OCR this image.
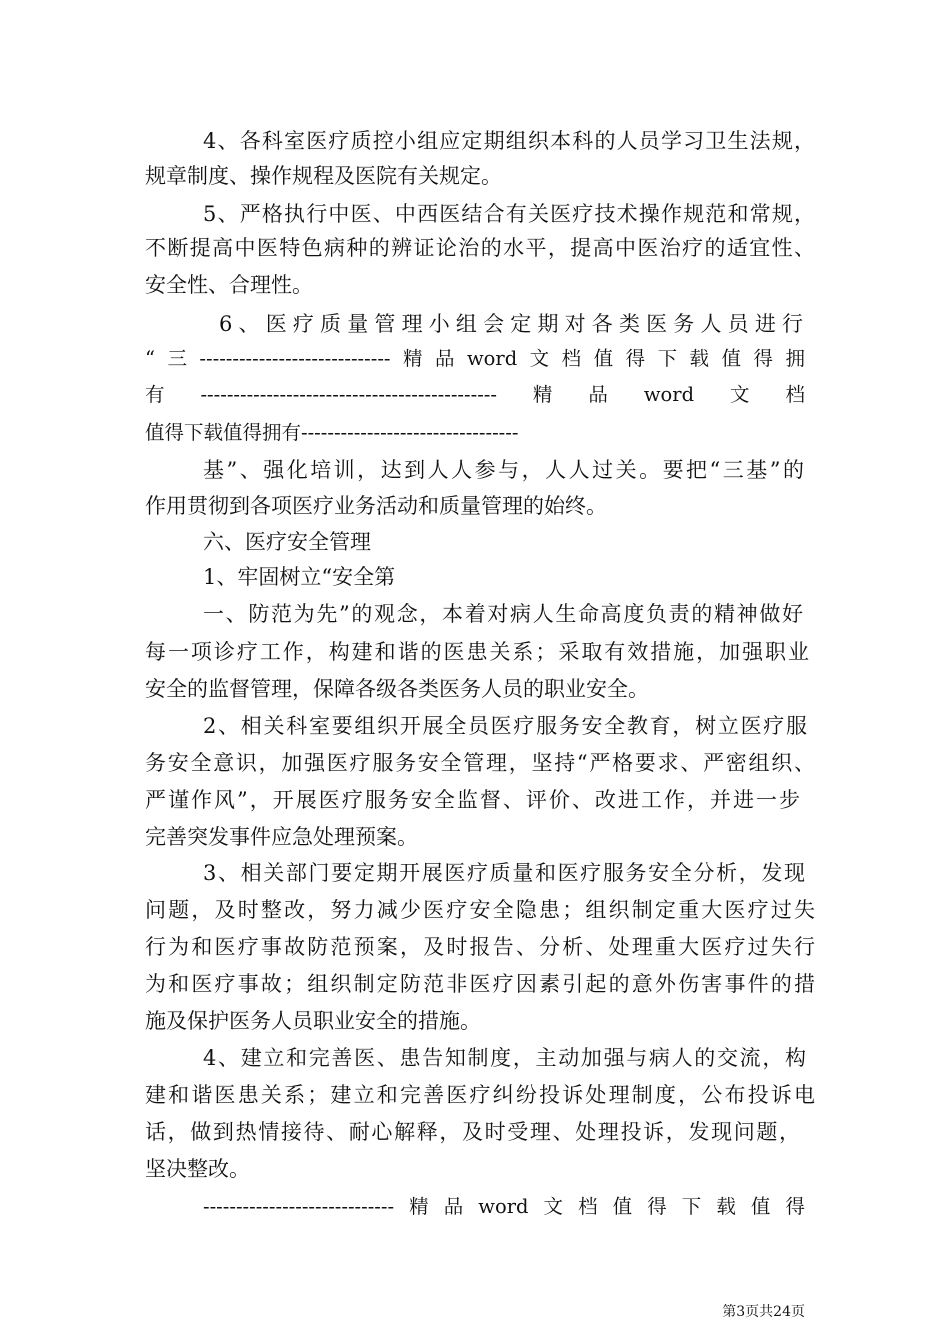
4、各科室医疗质控小组应定期组织本科的人员学习卫生法规，
规章制度、操作规程及医院有关规定。
5、严格执行中医、中西医结合有关医疗技术操作规范和常规，
不断提高中医特色病种的辨证论治的水平，提高中医治疗的适宜性、
安全性、合理性。
6、医疗质量管理小组会定期对各类医务人员进行
“三-----------------------------精品word文档值得下载值得拥
有---------------------------------------------精品word文档
值得下载值得拥有---------------------------------
基”、强化培训，达到人人参与，人人过关。要把“三基”的
作用贯彻到各项医疗业务活动和质量管理的始终。
六、医疗安全管理
1、牢固树立“安全第
一、防范为先”的观念，本着对病人生命高度负责的精神做好
每一项诊疗工作，构建和谐的医患关系；采取有效措施，加强职业
安全的监督管理，保障各级各类医务人员的职业安全。
2、相关科室要组织开展全员医疗服务安全教育，树立医疗服
务安全意识，加强医疗服务安全管理，坚持“严格要求、严密组织、
严谨作风”，开展医疗服务安全监督、评价、改进工作，并进一步
完善突发事件应急处理预案。
3、相关部门要定期开展医疗质量和医疗服务安全分析，发现
问题，及时整改，努力减少医疗安全隐患；组织制定重大医疗过失
行为和医疗事故防范预案，及时报告、分析、处理重大医疗过失行
为和医疗事故；组织制定防范非医疗因素引起的意外伤害事件的措
施及保护医务人员职业安全的措施。
4、建立和完善医、患告知制度，主动加强与病人的交流，构
建和谐医患关系；建立和完善医疗纠纷投诉处理制度，公布投诉电
话，做到热情接待、耐心解释，及时受理、处理投诉，发现问题，
坚决整改。
-----------------------------精品word文档值得下载值得
第3页共24页
